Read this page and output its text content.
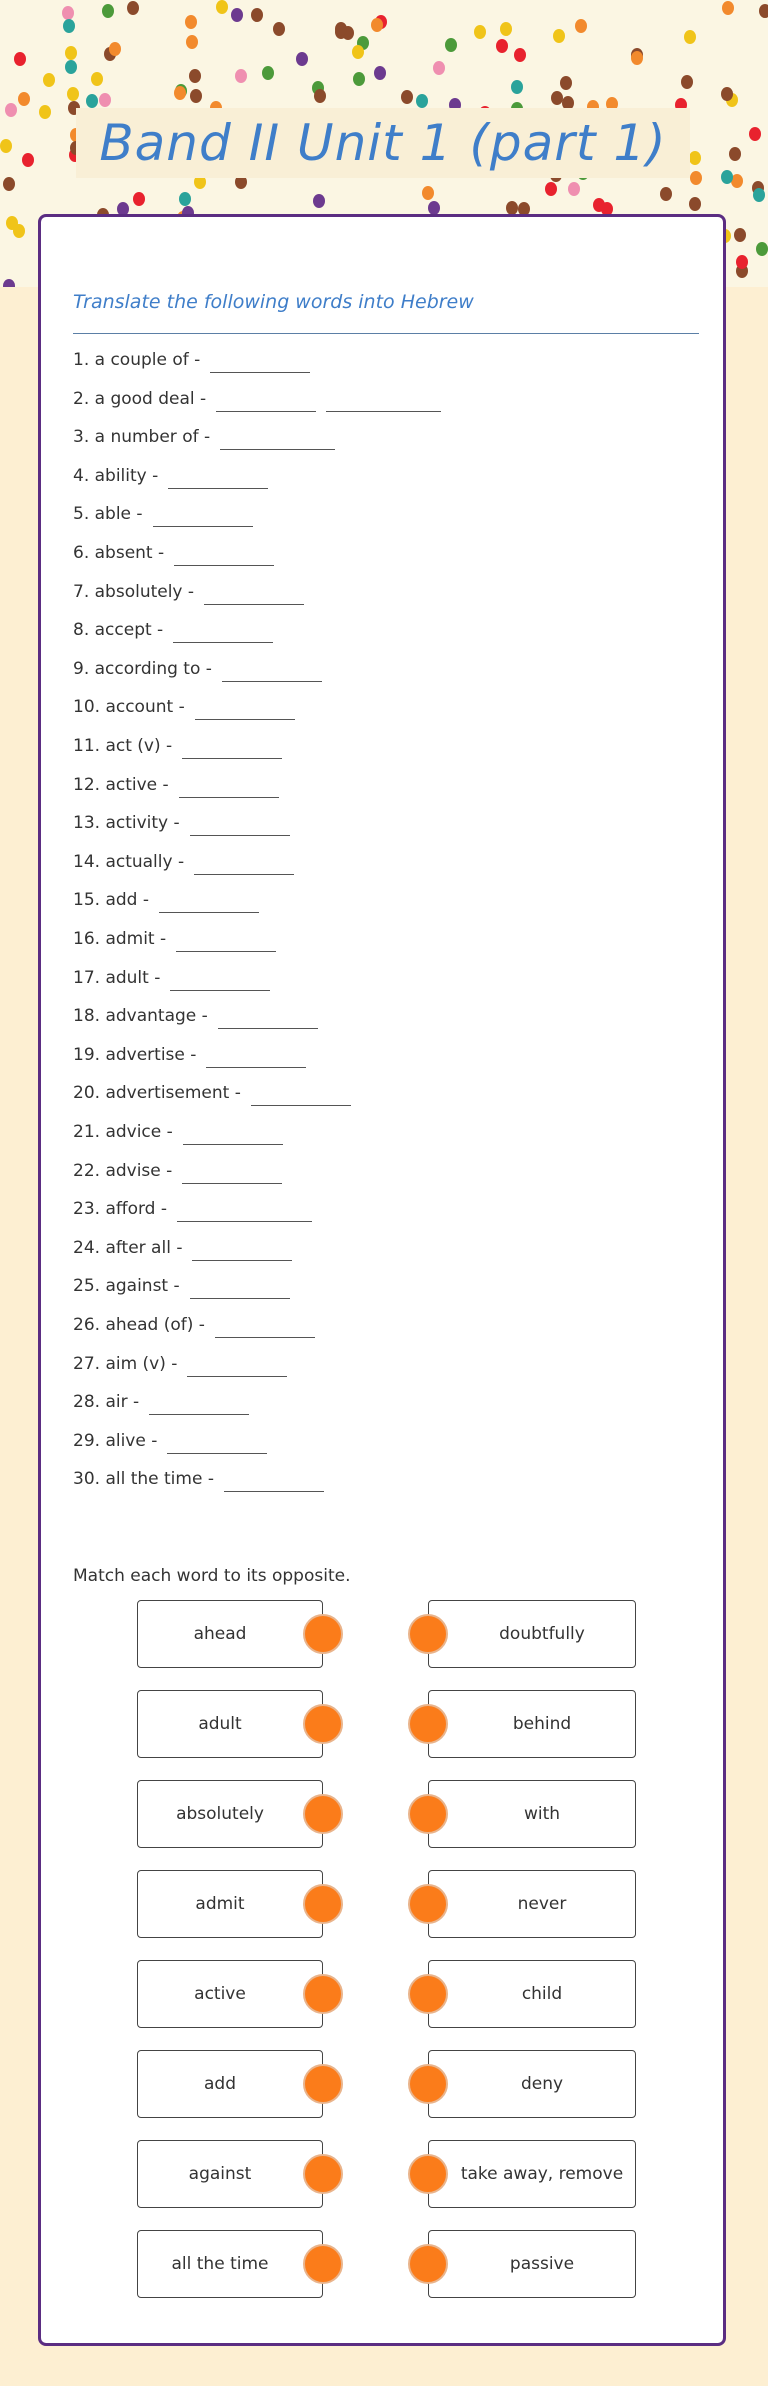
Band II Unit 1 (part 1)
Translate the following words into Hebrew
1. a couple of -
2. a good deal -
3. a number of -
4. ability -
5. able -
6. absent -
7. absolutely -
8. accept -
9. according to -
10. account -
11. act (v) -
12. active -
13. activity -
14. actually -
15. add -
16. admit -
17. adult -
18. advantage -
19. advertise -
20. advertisement -
21. advice -
22. advise -
23. afford -
24. after all -
25. against -
26. ahead (of) -
27. aim (v) -
28. air -
29. alive -
30. all the time -
Match each word to its opposite.
ahead
adult
absolutely
admit
active
add
against
all the time
doubtfully
behind
with
never
child
deny
take away, remove
passive
